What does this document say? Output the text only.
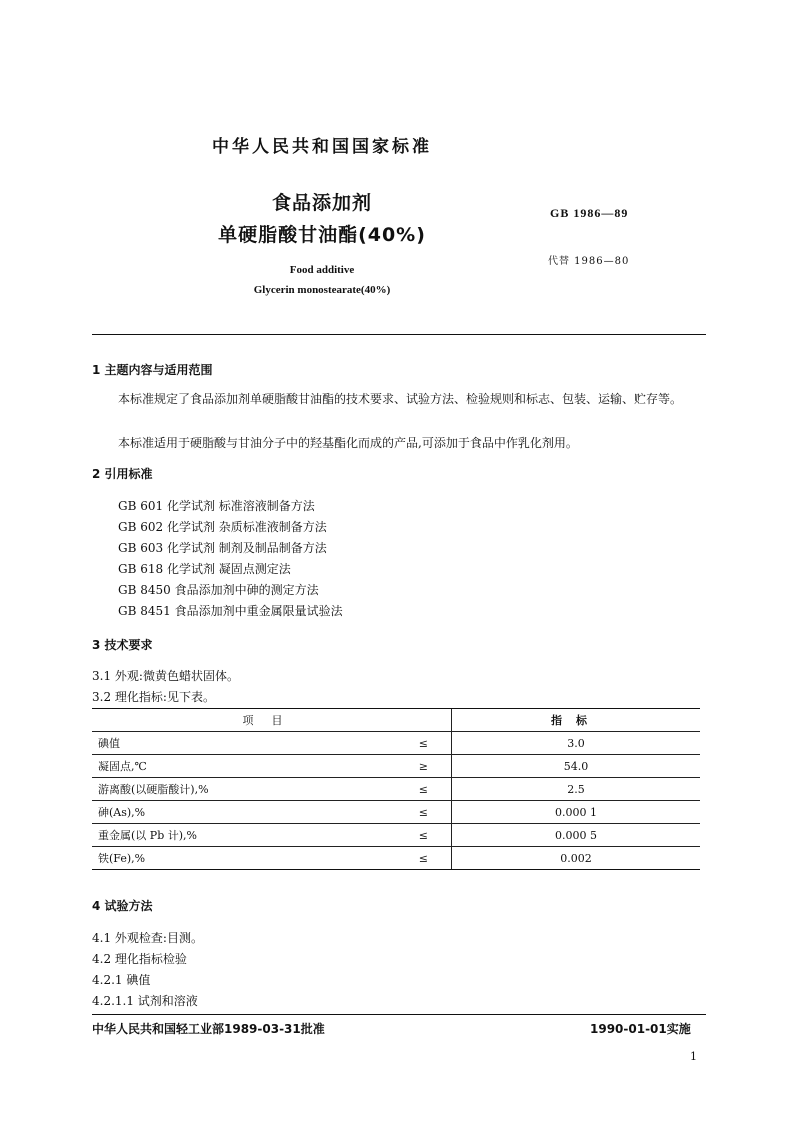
中华人民共和国国家标准
食品添加剂
单硬脂酸甘油酯(40%)
Food additive
Glycerin monostearate(40%)
GB 1986—89
代替 1986—80
1 主题内容与适用范围
本标准规定了食品添加剂单硬脂酸甘油酯的技术要求、试验方法、检验规则和标志、包装、运输、贮存等。
本标准适用于硬脂酸与甘油分子中的羟基酯化而成的产品,可添加于食品中作乳化剂用。
2 引用标准
GB 601 化学试剂 标准溶液制备方法
GB 602 化学试剂 杂质标准液制备方法
GB 603 化学试剂 制剂及制品制备方法
GB 618 化学试剂 凝固点测定法
GB 8450 食品添加剂中砷的测定方法
GB 8451 食品添加剂中重金属限量试验法
3 技术要求
3.1 外观:微黄色蜡状固体。
3.2 理化指标:见下表。
项目	指标
碘值 ≤	3.0
凝固点,℃ ≥	54.0
游离酸(以硬脂酸计),% ≤	2.5
砷(As),% ≤	0.000 1
重金属(以 Pb 计),% ≤	0.000 5
铁(Fe),% ≤	0.002
4 试验方法
4.1 外观检查:目测。
4.2 理化指标检验
4.2.1 碘值
4.2.1.1 试剂和溶液
中华人民共和国轻工业部1989-03-31批准	1990-01-01实施
1
